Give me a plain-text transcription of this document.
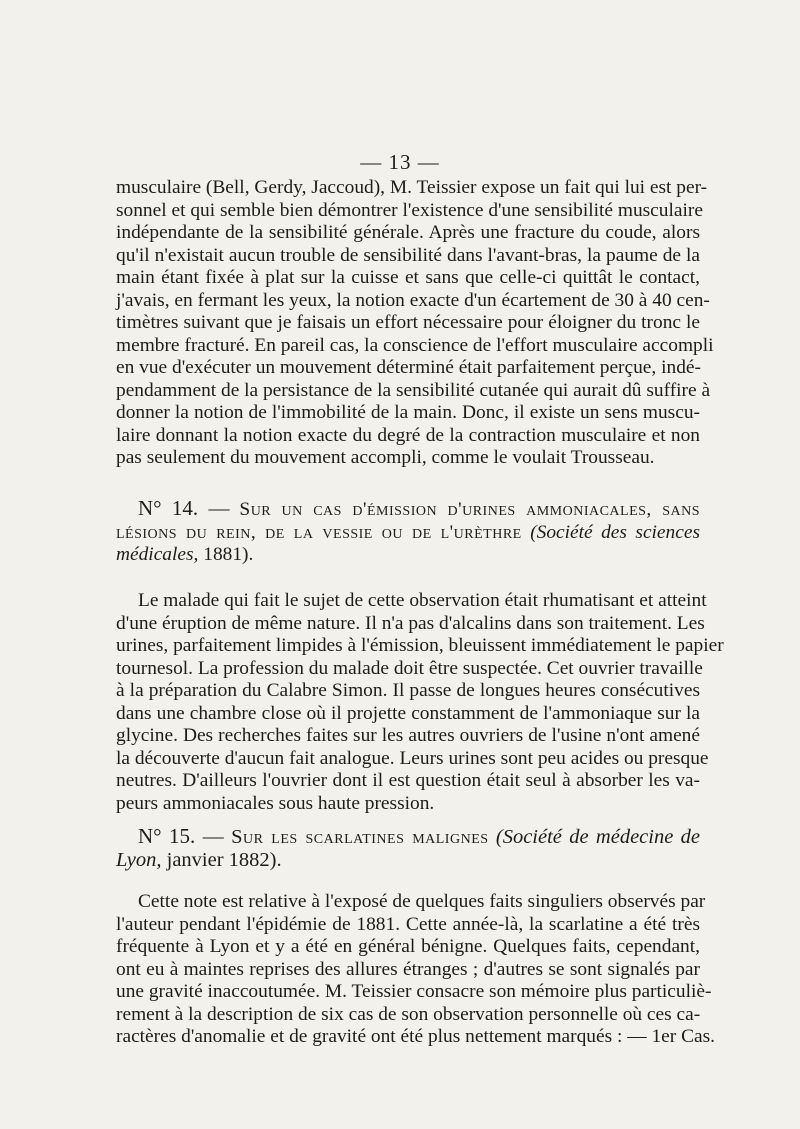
— 13 —
musculaire (Bell, Gerdy, Jaccoud), M. Teissier expose un fait qui lui est per-
sonnel et qui semble bien démontrer l'existence d'une sensibilité musculaire
indépendante de la sensibilité générale. Après une fracture du coude, alors
qu'il n'existait aucun trouble de sensibilité dans l'avant-bras, la paume de la
main étant fixée à plat sur la cuisse et sans que celle-ci quittât le contact,
j'avais, en fermant les yeux, la notion exacte d'un écartement de 30 à 40 cen-
timètres suivant que je faisais un effort nécessaire pour éloigner du tronc le
membre fracturé. En pareil cas, la conscience de l'effort musculaire accompli
en vue d'exécuter un mouvement déterminé était parfaitement perçue, indé-
pendamment de la persistance de la sensibilité cutanée qui aurait dû suffire à
donner la notion de l'immobilité de la main. Donc, il existe un sens muscu-
laire donnant la notion exacte du degré de la contraction musculaire et non
pas seulement du mouvement accompli, comme le voulait Trousseau.
N° 14. — Sur un cas d'émission d'urines ammoniacales, sans
lésions du rein, de la vessie ou de l'urèthre (Société des sciences
médicales, 1881).
Le malade qui fait le sujet de cette observation était rhumatisant et atteint
d'une éruption de même nature. Il n'a pas d'alcalins dans son traitement. Les
urines, parfaitement limpides à l'émission, bleuissent immédiatement le papier
tournesol. La profession du malade doit être suspectée. Cet ouvrier travaille
à la préparation du Calabre Simon. Il passe de longues heures consécutives
dans une chambre close où il projette constamment de l'ammoniaque sur la
glycine. Des recherches faites sur les autres ouvriers de l'usine n'ont amené
la découverte d'aucun fait analogue. Leurs urines sont peu acides ou presque
neutres. D'ailleurs l'ouvrier dont il est question était seul à absorber les va-
peurs ammoniacales sous haute pression.
N° 15. — Sur les scarlatines malignes (Société de médecine de
Lyon, janvier 1882).
Cette note est relative à l'exposé de quelques faits singuliers observés par
l'auteur pendant l'épidémie de 1881. Cette année-là, la scarlatine a été très
fréquente à Lyon et y a été en général bénigne. Quelques faits, cependant,
ont eu à maintes reprises des allures étranges ; d'autres se sont signalés par
une gravité inaccoutumée. M. Teissier consacre son mémoire plus particuliè-
rement à la description de six cas de son observation personnelle où ces ca-
ractères d'anomalie et de gravité ont été plus nettement marqués : — 1er Cas.
